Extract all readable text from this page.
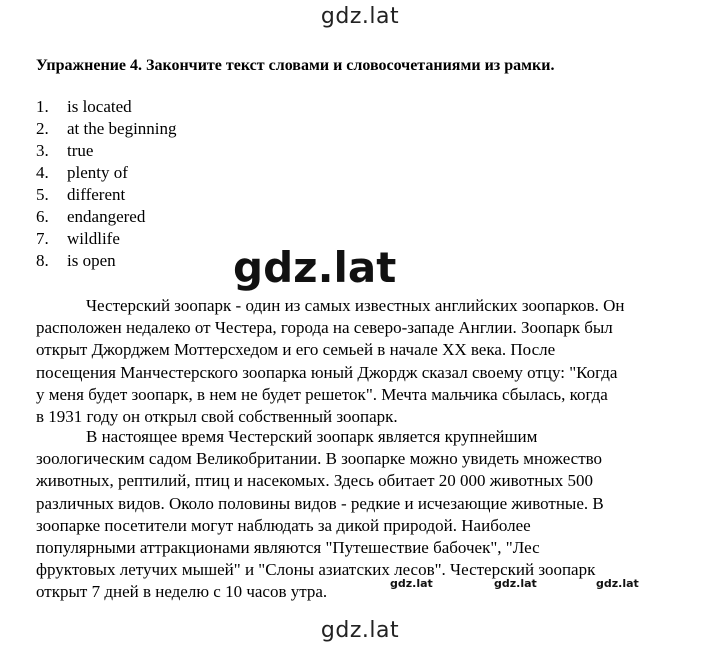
gdz.lat
Упражнение 4. Закончите текст словами и словосочетаниями из рамки.
1. is located
2. at the beginning
3. true
4. plenty of
5. different
6. endangered
7. wildlife
8. is open	gdz.lat
Честерский зоопарк - один из самых известных английских зоопарков. Он
расположен недалеко от Честера, города на северо-западе Англии. Зоопарк был
открыт Джорджем Моттерсхедом и его семьей в начале XX века. После
посещения Манчестерского зоопарка юный Джордж сказал своему отцу: "Когда
у меня будет зоопарк, в нем не будет решеток". Мечта мальчика сбылась, когда
в 1931 году он открыл свой собственный зоопарк.
В настоящее время Честерский зоопарк является крупнейшим
зоологическим садом Великобритании. В зоопарке можно увидеть множество
животных, рептилий, птиц и насекомых. Здесь обитает 20 000 животных 500
различных видов. Около половины видов - редкие и исчезающие животные. В
зоопарке посетители могут наблюдать за дикой природой. Наиболее
популярными аттракционами являются "Путешествие бабочек", "Лес
фруктовых летучих мышей" и "Слоны азиатских лесов". Честерский зоопарк
открыт 7 дней в неделю с 10 часов утра.	gdz.lat	gdz.lat	gdz.lat
gdz.lat
